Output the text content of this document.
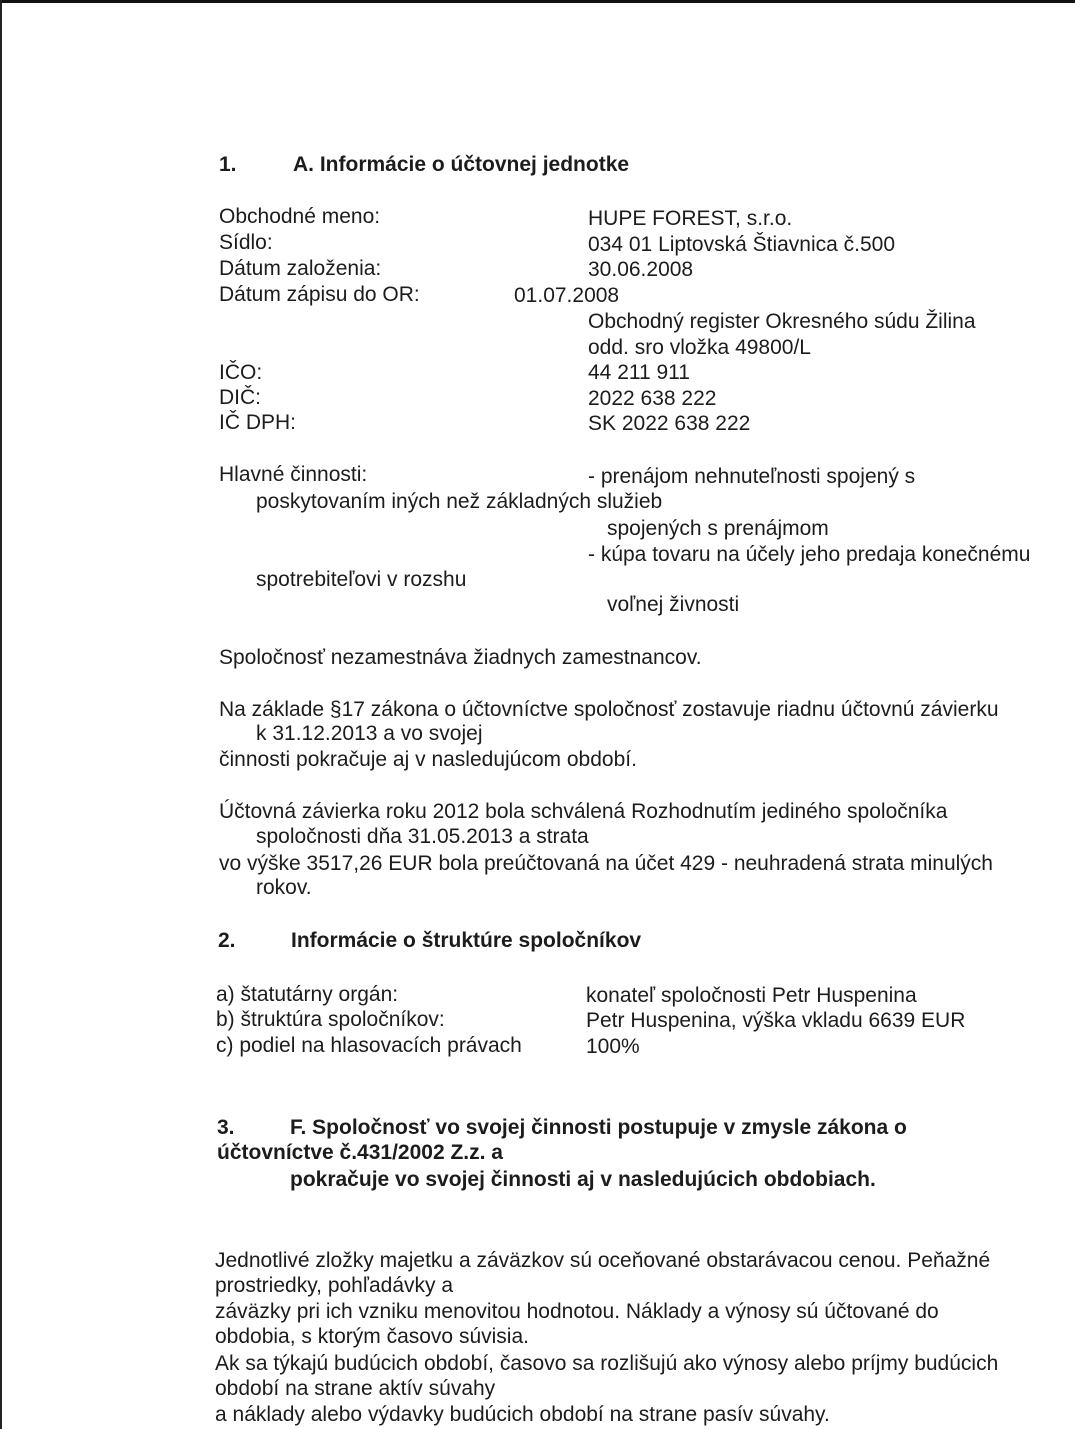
1.	A. Informácie o účtovnej jednotke
Obchodné meno:	HUPE FOREST, s.r.o.
Sídlo:	034 01 Liptovská Štiavnica č.500
Dátum založenia:	30.06.2008
Dátum zápisu do OR:	01.07.2008
Obchodný register Okresného súdu Žilina
odd. sro vložka 49800/L
IČO:	44 211 911
DIČ:	2022 638 222
IČ DPH:	SK 2022 638 222
Hlavné činnosti:	- prenájom nehnuteľnosti spojený s
poskytovaním iných než základných služieb
spojených s prenájmom
- kúpa tovaru na účely jeho predaja konečnému
spotrebiteľovi v rozshu
voľnej živnosti
Spoločnosť nezamestnáva žiadnych zamestnancov.
Na základe §17 zákona o účtovníctve spoločnosť zostavuje riadnu účtovnú závierku
k 31.12.2013 a vo svojej
činnosti pokračuje aj v nasledujúcom období.
Účtovná závierka roku 2012 bola schválená Rozhodnutím jediného spoločníka
spoločnosti dňa 31.05.2013 a strata
vo výške 3517,26 EUR bola preúčtovaná na účet 429 - neuhradená strata minulých
rokov.
2.	Informácie o štruktúre spoločníkov
a) štatutárny orgán:	konateľ spoločnosti Petr Huspenina
b) štruktúra spoločníkov:	Petr Huspenina, výška vkladu 6639 EUR
c) podiel na hlasovacích právach	100%
3.	F. Spoločnosť vo svojej činnosti postupuje v zmysle zákona o
účtovníctve č.431/2002 Z.z. a
pokračuje vo svojej činnosti aj v nasledujúcich obdobiach.
Jednotlivé zložky majetku a záväzkov sú oceňované obstarávacou cenou. Peňažné
prostriedky, pohľadávky a
záväzky pri ich vzniku menovitou hodnotou. Náklady a výnosy sú účtované do
obdobia, s ktorým časovo súvisia.
Ak sa týkajú budúcich období, časovo sa rozlišujú ako výnosy alebo príjmy budúcich
období na strane aktív súvahy
a náklady alebo výdavky budúcich období na strane pasív súvahy.
